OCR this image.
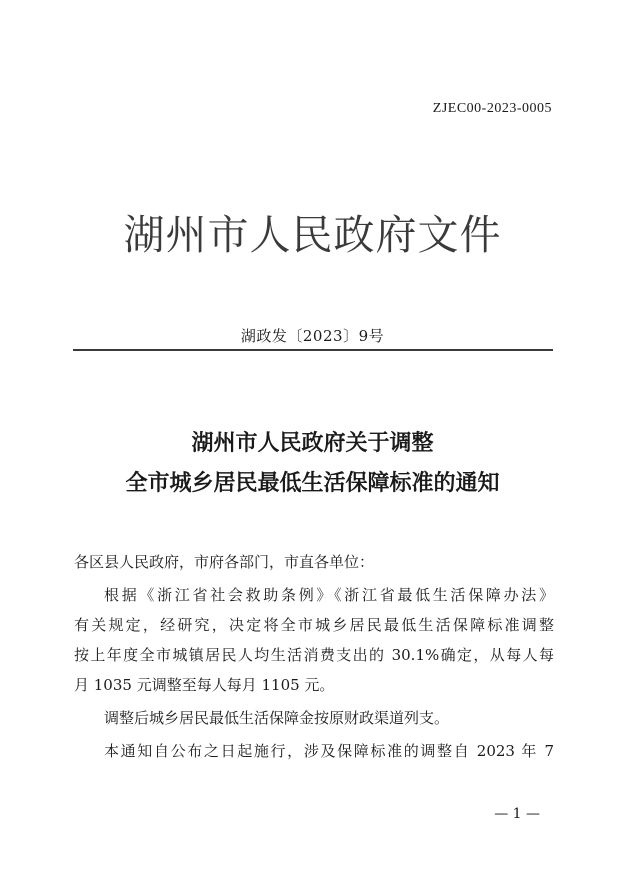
ZJEC00-2023-0005
湖州市人民政府文件
湖政发〔2023〕9号
湖州市人民政府关于调整
全市城乡居民最低生活保障标准的通知
各区县人民政府，市府各部门，市直各单位：
根据《浙江省社会救助条例》《浙江省最低生活保障办法》
有关规定，经研究，决定将全市城乡居民最低生活保障标准调整
按上年度全市城镇居民人均生活消费支出的 30.1%确定，从每人每
月 1035 元调整至每人每月 1105 元。
调整后城乡居民最低生活保障金按原财政渠道列支。
本通知自公布之日起施行，涉及保障标准的调整自 2023 年 7
— 1 —
